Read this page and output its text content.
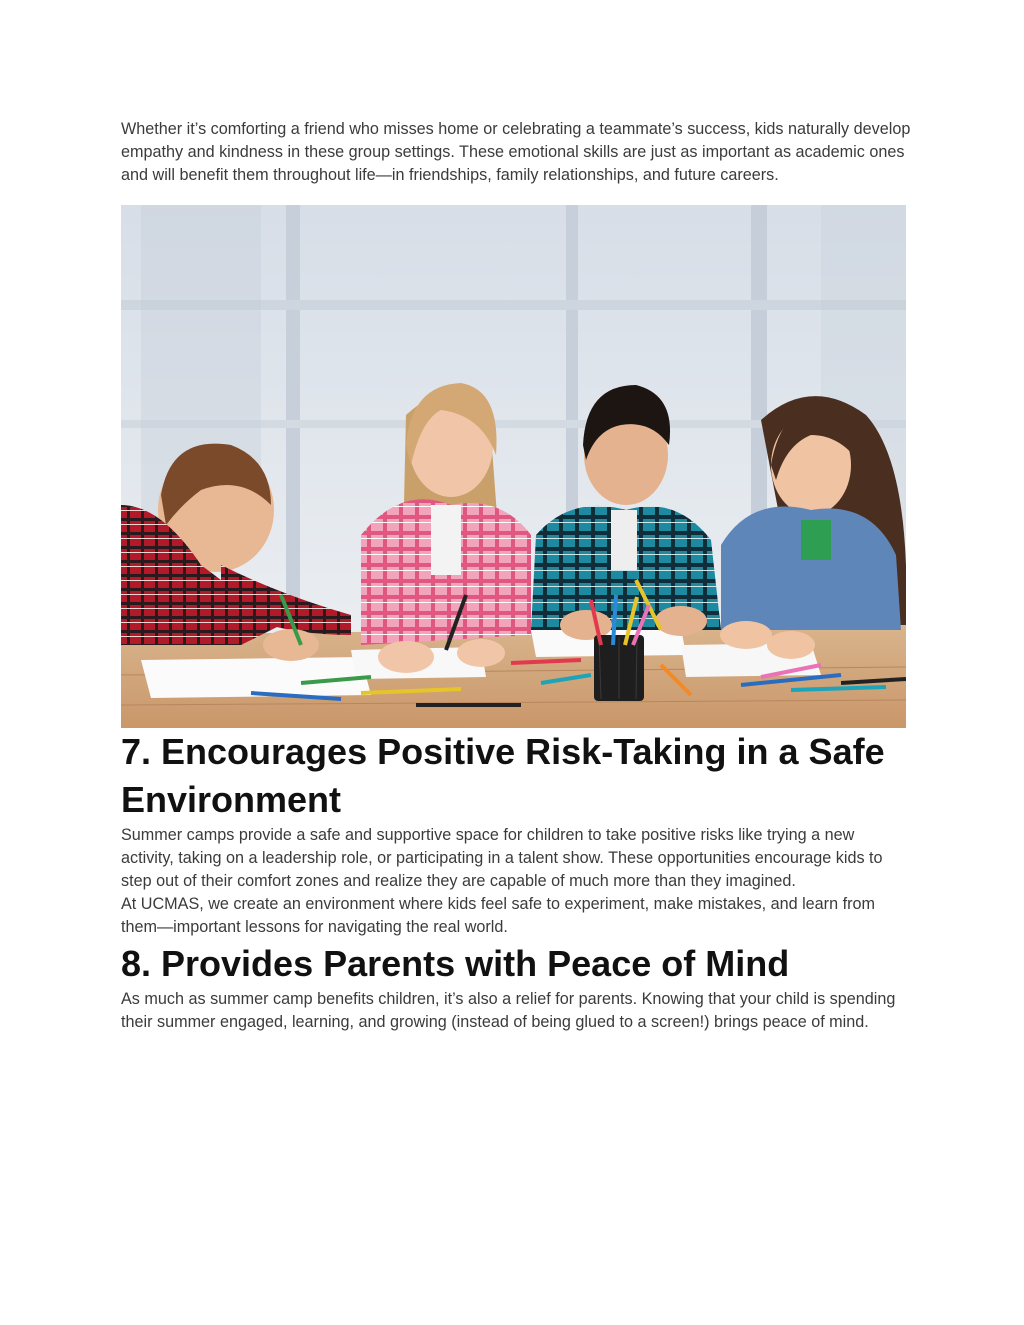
Whether it’s comforting a friend who misses home or celebrating a teammate’s success, kids naturally develop empathy and kindness in these group settings. These emotional skills are just as important as academic ones and will benefit them throughout life—in friendships, family relationships, and future careers.

7. Encourages Positive Risk-Taking in a Safe Environment

Summer camps provide a safe and supportive space for children to take positive risks like trying a new activity, taking on a leadership role, or participating in a talent show. These opportunities encourage kids to step out of their comfort zones and realize they are capable of much more than they imagined.

At UCMAS, we create an environment where kids feel safe to experiment, make mistakes, and learn from them—important lessons for navigating the real world.

8. Provides Parents with Peace of Mind

As much as summer camp benefits children, it’s also a relief for parents. Knowing that your child is spending their summer engaged, learning, and growing (instead of being glued to a screen!) brings peace of mind.
